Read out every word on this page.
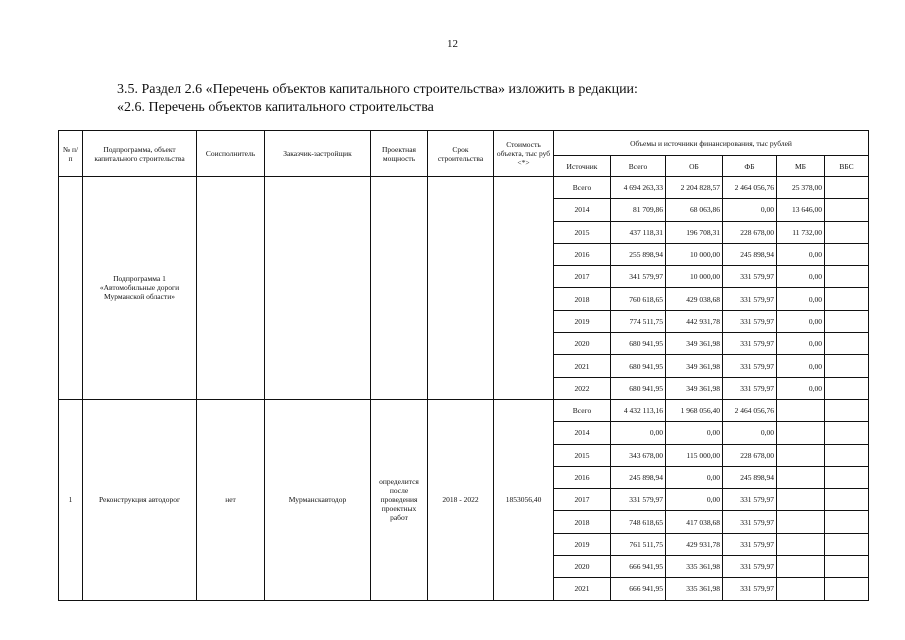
12
3.5. Раздел 2.6 «Перечень объектов капитального строительства» изложить в редакции:
«2.6. Перечень объектов капитального строительства
№ п/п	Подпрограмма, объект капитального строительства	Соисполнитель	Заказчик-застройщик	Проектная мощность	Срок строительства	Стоимость объекта, тыс руб <*>	Объемы и источники финансирования, тыс рублей					
							Источник	Всего	ОБ	ФБ	МБ	ВБС
	Подпрограмма 1 «Автомобильные дороги Мурманской области»						Всего	4 694 263,33	2 204 828,57	2 464 056,76	25 378,00	
							2014	81 709,86	68 063,86	0,00	13 646,00	
							2015	437 118,31	196 708,31	228 678,00	11 732,00	
							2016	255 898,94	10 000,00	245 898,94	0,00	
							2017	341 579,97	10 000,00	331 579,97	0,00	
							2018	760 618,65	429 038,68	331 579,97	0,00	
							2019	774 511,75	442 931,78	331 579,97	0,00	
							2020	680 941,95	349 361,98	331 579,97	0,00	
							2021	680 941,95	349 361,98	331 579,97	0,00	
							2022	680 941,95	349 361,98	331 579,97	0,00	
1	Реконструкция автодорог	нет	Мурманскавтодор	определится после проведения проектных работ	2018 - 2022	1853056,40	Всего	4 432 113,16	1 968 056,40	2 464 056,76		
							2014	0,00	0,00	0,00		
							2015	343 678,00	115 000,00	228 678,00		
							2016	245 898,94	0,00	245 898,94		
							2017	331 579,97	0,00	331 579,97		
							2018	748 618,65	417 038,68	331 579,97		
							2019	761 511,75	429 931,78	331 579,97		
							2020	666 941,95	335 361,98	331 579,97		
							2021	666 941,95	335 361,98	331 579,97		
